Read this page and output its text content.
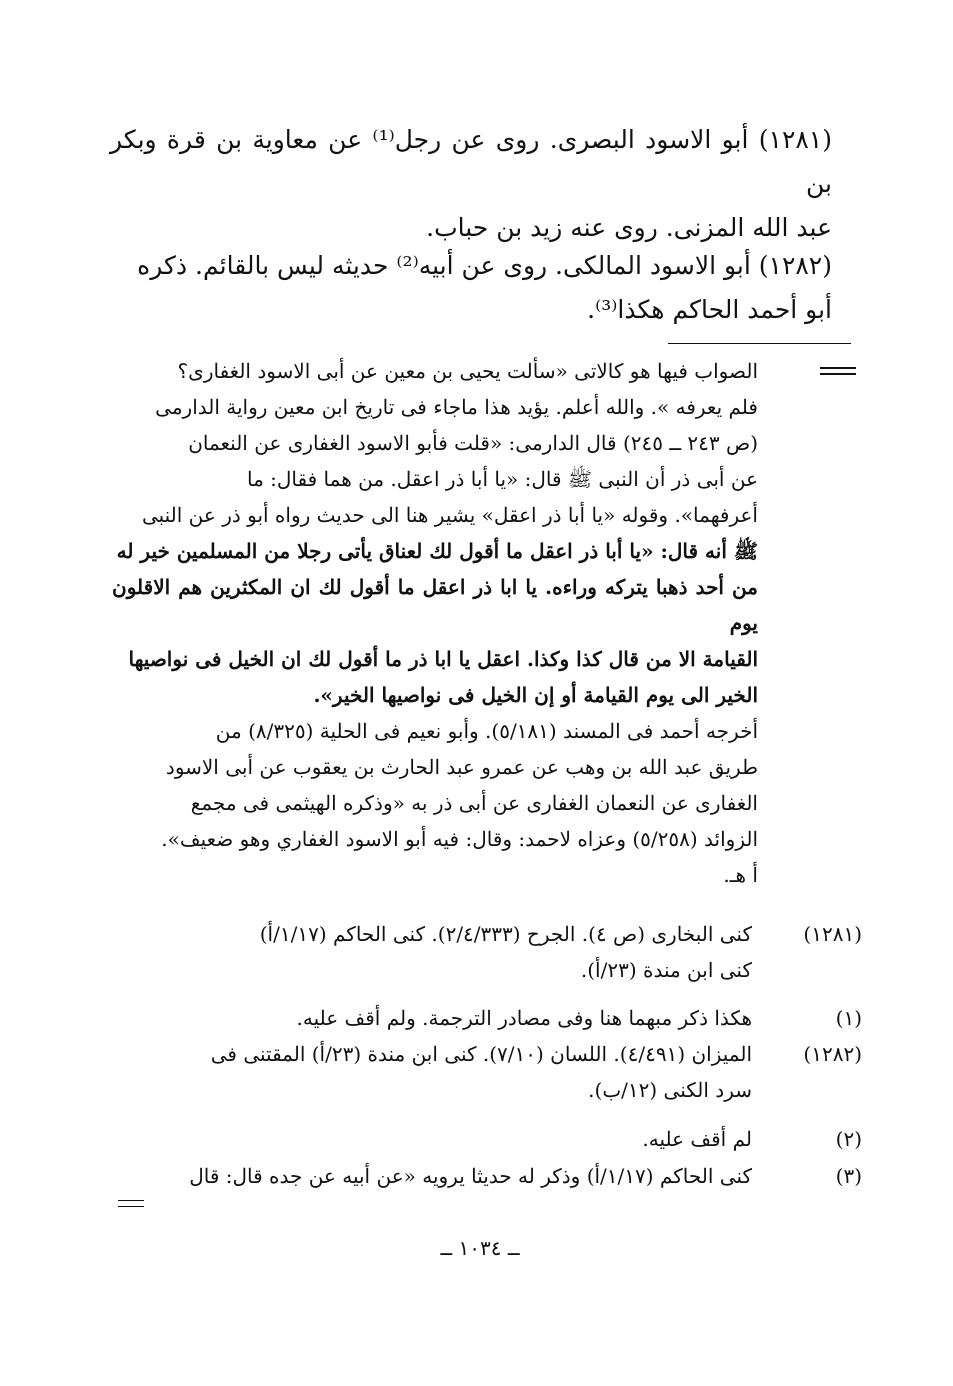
(١٢٨١) أبو الاسود البصرى. روى عن رجل⁽¹⁾ عن معاوية بن قرة وبكر بن
عبد الله المزنى. روى عنه زيد بن حباب.
(١٢٨٢) أبو الاسود المالكى. روى عن أبيه⁽²⁾ حديثه ليس بالقائم. ذكره
أبو أحمد الحاكم هكذا⁽³⁾.
الصواب فيها هو كالاتى «سألت يحيى بن معين عن أبى الاسود الغفارى؟
فلم يعرفه ». والله أعلم. يؤيد هذا ماجاء فى تاريخ ابن معين رواية الدارمى
(ص ٢٤٣ ــ ٢٤٥) قال الدارمى: «قلت فأبو الاسود الغفارى عن النعمان
عن أبى ذر أن النبى ﷺ قال: «يا أبا ذر اعقل. من هما فقال: ما
أعرفهما». وقوله «يا أبا ذر اعقل» يشير هنا الى حديث رواه أبو ذر عن النبى
ﷺ أنه قال: «يا أبا ذر اعقل ما أقول لك لعناق يأتى رجلا من المسلمين خير له
من أحد ذهبا يتركه وراءه. يا ابا ذر اعقل ما أقول لك ان المكثرين هم الاقلون يوم
القيامة الا من قال كذا وكذا. اعقل يا ابا ذر ما أقول لك ان الخيل فى نواصيها
الخير الى يوم القيامة أو إن الخيل فى نواصيها الخير».
أخرجه أحمد فى المسند (٥/١٨١). وأبو نعيم فى الحلية (٨/٣٢٥) من
طريق عبد الله بن وهب عن عمرو عبد الحارث بن يعقوب عن أبى الاسود
الغفارى عن النعمان الغفارى عن أبى ذر به «وذكره الهيثمى فى مجمع
الزوائد (٥/٢٥٨) وعزاه لاحمد: وقال: فيه أبو الاسود الغفاري وهو ضعيف».
أ هـ.
(١٢٨١)
كنى البخارى (ص ٤). الجرح (٢/٤/٣٣٣). كنى الحاكم (١/١٧/أ)
كنى ابن مندة (٢٣/أ).
(١)
هكذا ذكر مبهما هنا وفى مصادر الترجمة. ولم أقف عليه.
(١٢٨٢)
الميزان (٤/٤٩١). اللسان (٧/١٠). كنى ابن مندة (٢٣/أ) المقتنى فى
سرد الكنى (١٢/ب).
(٢)
لم أقف عليه.
(٣)
كنى الحاكم (١/١٧/أ) وذكر له حديثا يرويه «عن أبيه عن جده قال: قال
ــ ١٠٣٤ ــ
